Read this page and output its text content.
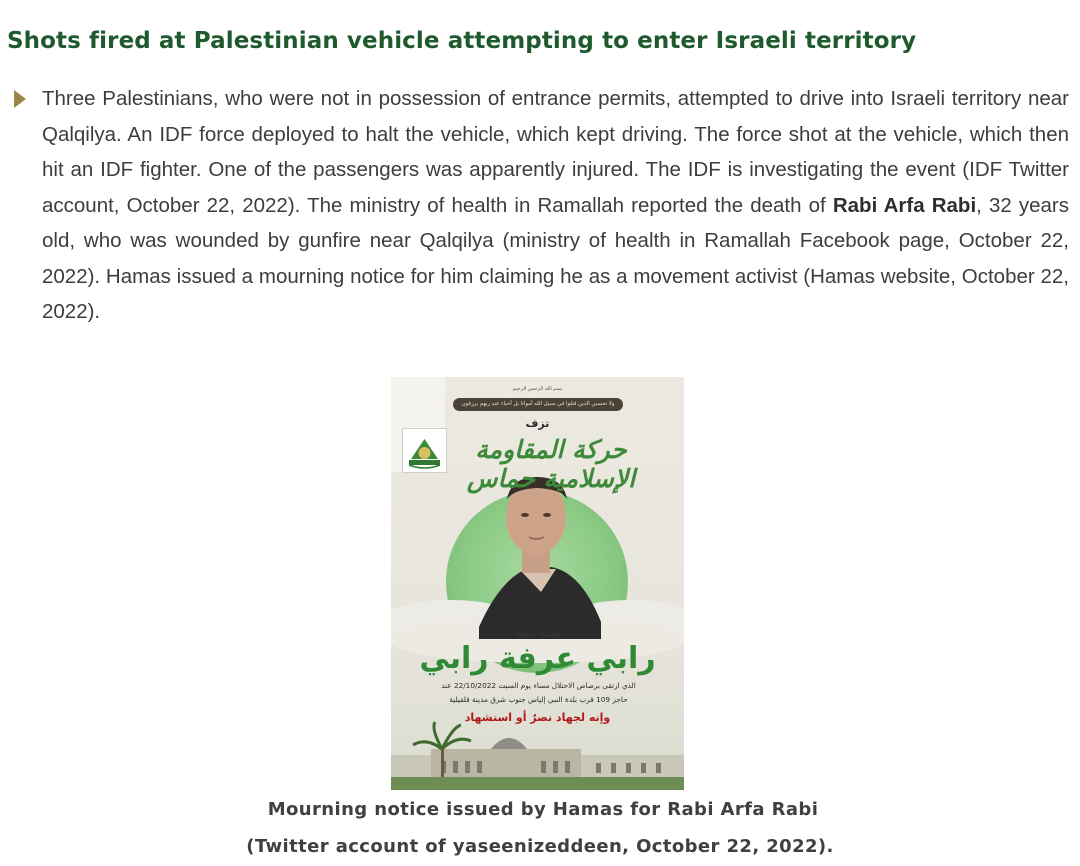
Shots fired at Palestinian vehicle attempting to enter Israeli territory

Three Palestinians, who were not in possession of entrance permits, attempted to drive into Israeli territory near Qalqilya. An IDF force deployed to halt the vehicle, which kept driving. The force shot at the vehicle, which then hit an IDF fighter. One of the passengers was apparently injured. The IDF is investigating the event (IDF Twitter account, October 22, 2022). The ministry of health in Ramallah reported the death of Rabi Arfa Rabi, 32 years old, who was wounded by gunfire near Qalqilya (ministry of health in Ramallah Facebook page, October 22, 2022). Hamas issued a mourning notice for him claiming he as a movement activist (Hamas website, October 22, 2022).

بسم الله الرحمن الرحيم
ولا تحسبن الذين قتلوا في سبيل الله أمواتا بل أحياء عند ربهم يرزقون
تزف
حركة المقاومة الإسلامية حماس
شهيدها المجاهد
رابي عرفة رابي
الذي ارتقى برصاص الاحتلال مساء يوم السبت 22/10/2022 عند
حاجز 109 قرب بلدة النبي إلياس جنوب شرق مدينة قلقيلية
وإنه لجهاد نصرٌ أو استشهاد

Mourning notice issued by Hamas for Rabi Arfa Rabi

(Twitter account of yaseenizeddeen, October 22, 2022).
